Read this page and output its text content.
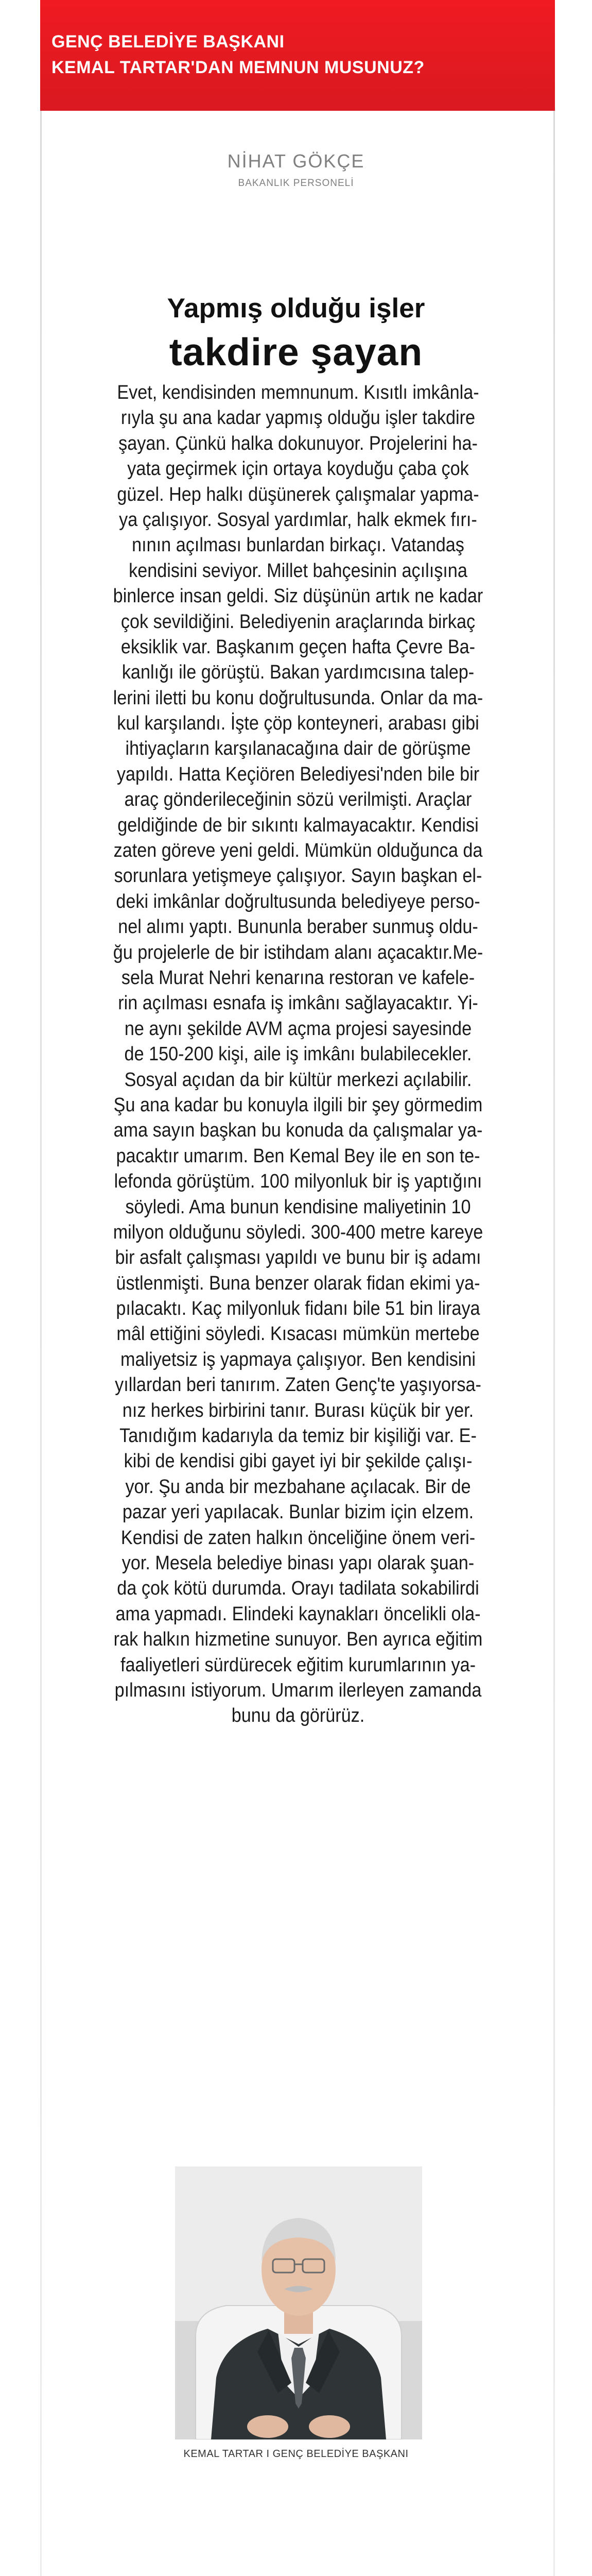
GENÇ BELEDİYE BAŞKANI
KEMAL TARTAR'DAN MEMNUN MUSUNUZ?
NİHAT GÖKÇE
BAKANLIK PERSONELİ
Yapmış olduğu işler
takdire şayan
Evet, kendisinden memnunum. Kısıtlı imkânla-
rıyla şu ana kadar yapmış olduğu işler takdire
şayan. Çünkü halka dokunuyor. Projelerini ha-
yata geçirmek için ortaya koyduğu çaba çok
güzel. Hep halkı düşünerek çalışmalar yapma-
ya çalışıyor. Sosyal yardımlar, halk ekmek fırı-
nının açılması bunlardan birkaçı. Vatandaş
kendisini seviyor. Millet bahçesinin açılışına
binlerce insan geldi. Siz düşünün artık ne kadar
çok sevildiğini. Belediyenin araçlarında birkaç
eksiklik var. Başkanım geçen hafta Çevre Ba-
kanlığı ile görüştü. Bakan yardımcısına talep-
lerini iletti bu konu doğrultusunda. Onlar da ma-
kul karşılandı. İşte çöp konteyneri, arabası gibi
ihtiyaçların karşılanacağına dair de görüşme
yapıldı. Hatta Keçiören Belediyesi'nden bile bir
araç gönderileceğinin sözü verilmişti. Araçlar
geldiğinde de bir sıkıntı kalmayacaktır. Kendisi
zaten göreve yeni geldi. Mümkün olduğunca da
sorunlara yetişmeye çalışıyor. Sayın başkan el-
deki imkânlar doğrultusunda belediyeye perso-
nel alımı yaptı. Bununla beraber sunmuş oldu-
ğu projelerle de bir istihdam alanı açacaktır.Me-
sela Murat Nehri kenarına restoran ve kafele-
rin açılması esnafa iş imkânı sağlayacaktır. Yi-
ne aynı şekilde AVM açma projesi sayesinde
de 150-200 kişi, aile iş imkânı bulabilecekler.
Sosyal açıdan da bir kültür merkezi açılabilir.
Şu ana kadar bu konuyla ilgili bir şey görmedim
ama sayın başkan bu konuda da çalışmalar ya-
pacaktır umarım. Ben Kemal Bey ile en son te-
lefonda görüştüm. 100 milyonluk bir iş yaptığını
söyledi. Ama bunun kendisine maliyetinin 10
milyon olduğunu söyledi. 300-400 metre kareye
bir asfalt çalışması yapıldı ve bunu bir iş adamı
üstlenmişti. Buna benzer olarak fidan ekimi ya-
pılacaktı. Kaç milyonluk fidanı bile 51 bin liraya
mâl ettiğini söyledi. Kısacası mümkün mertebe
maliyetsiz iş yapmaya çalışıyor. Ben kendisini
yıllardan beri tanırım. Zaten Genç'te yaşıyorsa-
nız herkes birbirini tanır. Burası küçük bir yer.
Tanıdığım kadarıyla da temiz bir kişiliği var. E-
kibi de kendisi gibi gayet iyi bir şekilde çalışı-
yor. Şu anda bir mezbahane açılacak. Bir de
pazar yeri yapılacak. Bunlar bizim için elzem.
Kendisi de zaten halkın önceliğine önem veri-
yor. Mesela belediye binası yapı olarak şuan-
da çok kötü durumda. Orayı tadilata sokabilirdi
ama yapmadı. Elindeki kaynakları öncelikli ola-
rak halkın hizmetine sunuyor. Ben ayrıca eğitim
faaliyetleri sürdürecek eğitim kurumlarının ya-
pılmasını istiyorum. Umarım ilerleyen zamanda
bunu da görürüz.
KEMAL TARTAR I GENÇ BELEDİYE BAŞKANI
